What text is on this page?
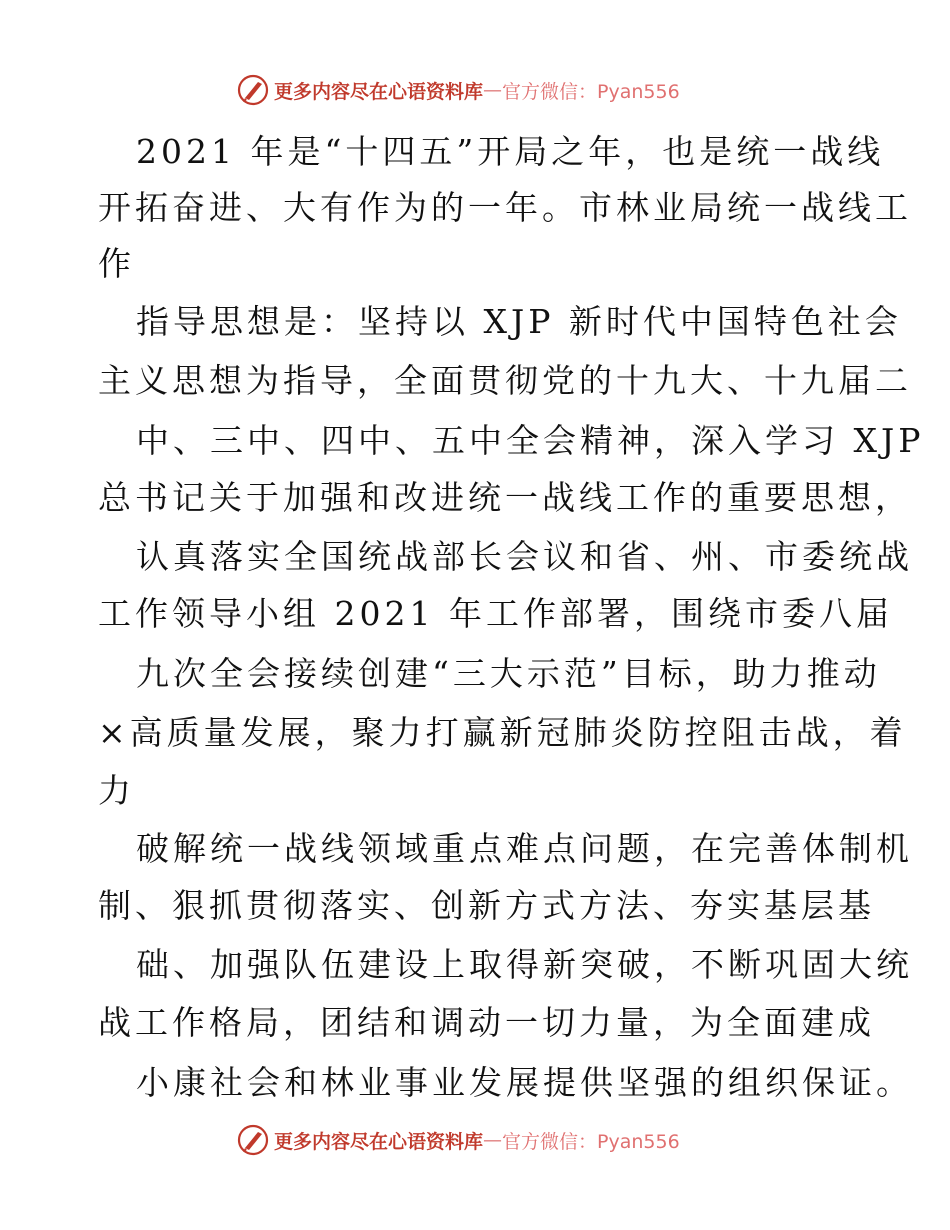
更多内容尽在心语资料库 — 官方微信：Pyan556
2021 年是“十四五”开局之年，也是统一战线
开拓奋进、大有作为的一年。市林业局统一战线工
作
指导思想是：坚持以 XJP 新时代中国特色社会
主义思想为指导，全面贯彻党的十九大、十九届二
中、三中、四中、五中全会精神，深入学习 XJP
总书记关于加强和改进统一战线工作的重要思想，
认真落实全国统战部长会议和省、州、市委统战
工作领导小组 2021 年工作部署，围绕市委八届
九次全会接续创建“三大示范”目标，助力推动
×高质量发展，聚力打赢新冠肺炎防控阻击战，着
力
破解统一战线领域重点难点问题，在完善体制机
制、狠抓贯彻落实、创新方式方法、夯实基层基
础、加强队伍建设上取得新突破，不断巩固大统
战工作格局，团结和调动一切力量，为全面建成
小康社会和林业事业发展提供坚强的组织保证。
更多内容尽在心语资料库 — 官方微信：Pyan556
